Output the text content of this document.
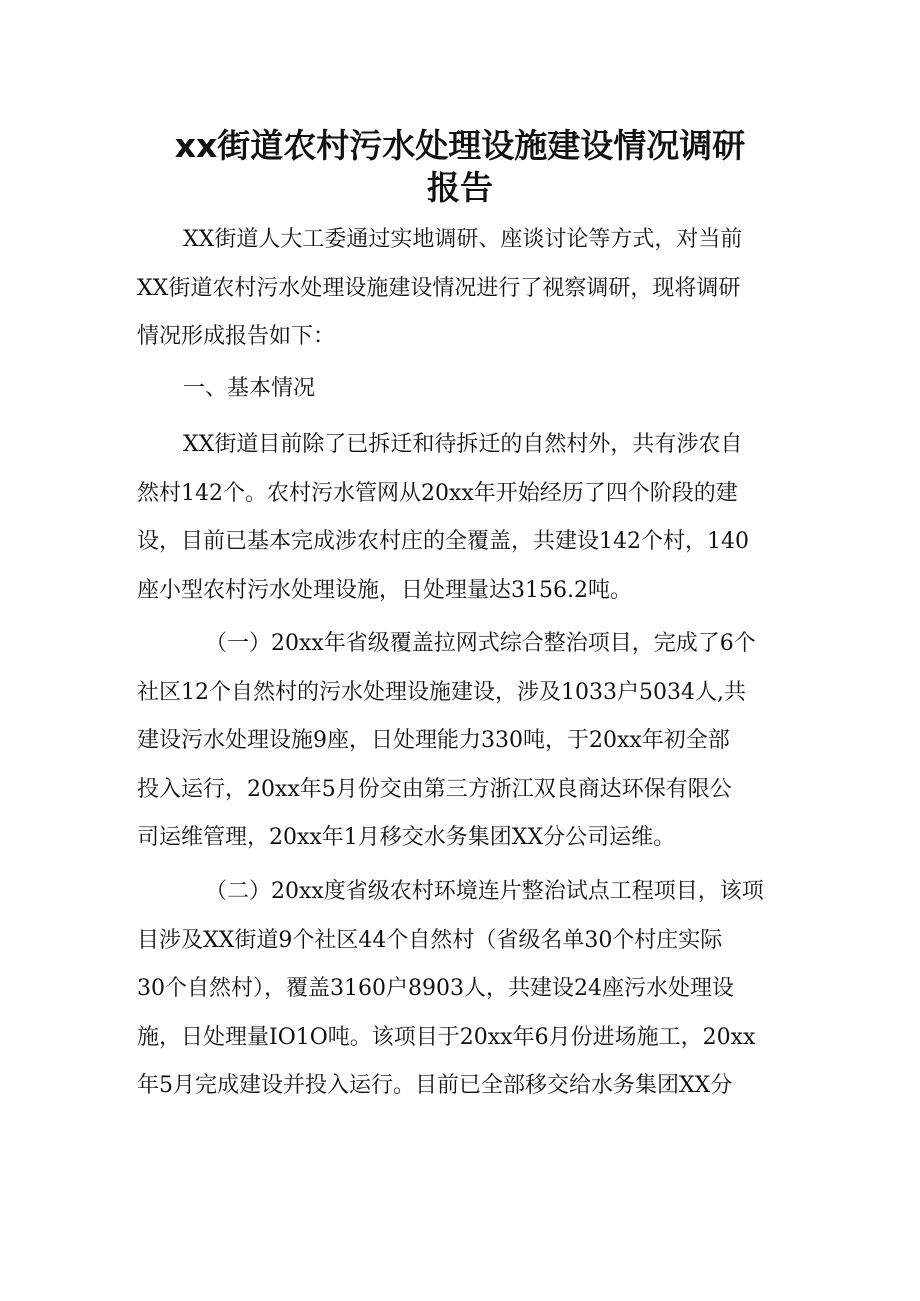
xx街道农村污水处理设施建设情况调研
报告

XX街道人大工委通过实地调研、座谈讨论等方式，对当前
XX街道农村污水处理设施建设情况进行了视察调研，现将调研
情况形成报告如下：

一、基本情况

XX街道目前除了已拆迁和待拆迁的自然村外，共有涉农自
然村142个。农村污水管网从20xx年开始经历了四个阶段的建
设，目前已基本完成涉农村庄的全覆盖，共建设142个村，140
座小型农村污水处理设施，日处理量达3156.2吨。

（一）20xx年省级覆盖拉网式综合整治项目，完成了6个
社区12个自然村的污水处理设施建设，涉及1033户5034人,共
建设污水处理设施9座，日处理能力330吨，于20xx年初全部
投入运行，20xx年5月份交由第三方浙江双良商达环保有限公
司运维管理，20xx年1月移交水务集团XX分公司运维。

（二）20xx度省级农村环境连片整治试点工程项目，该项
目涉及XX街道9个社区44个自然村（省级名单30个村庄实际
30个自然村），覆盖3160户8903人，共建设24座污水处理设
施，日处理量IO1O吨。该项目于20xx年6月份进场施工，20xx
年5月完成建设并投入运行。目前已全部移交给水务集团XX分
